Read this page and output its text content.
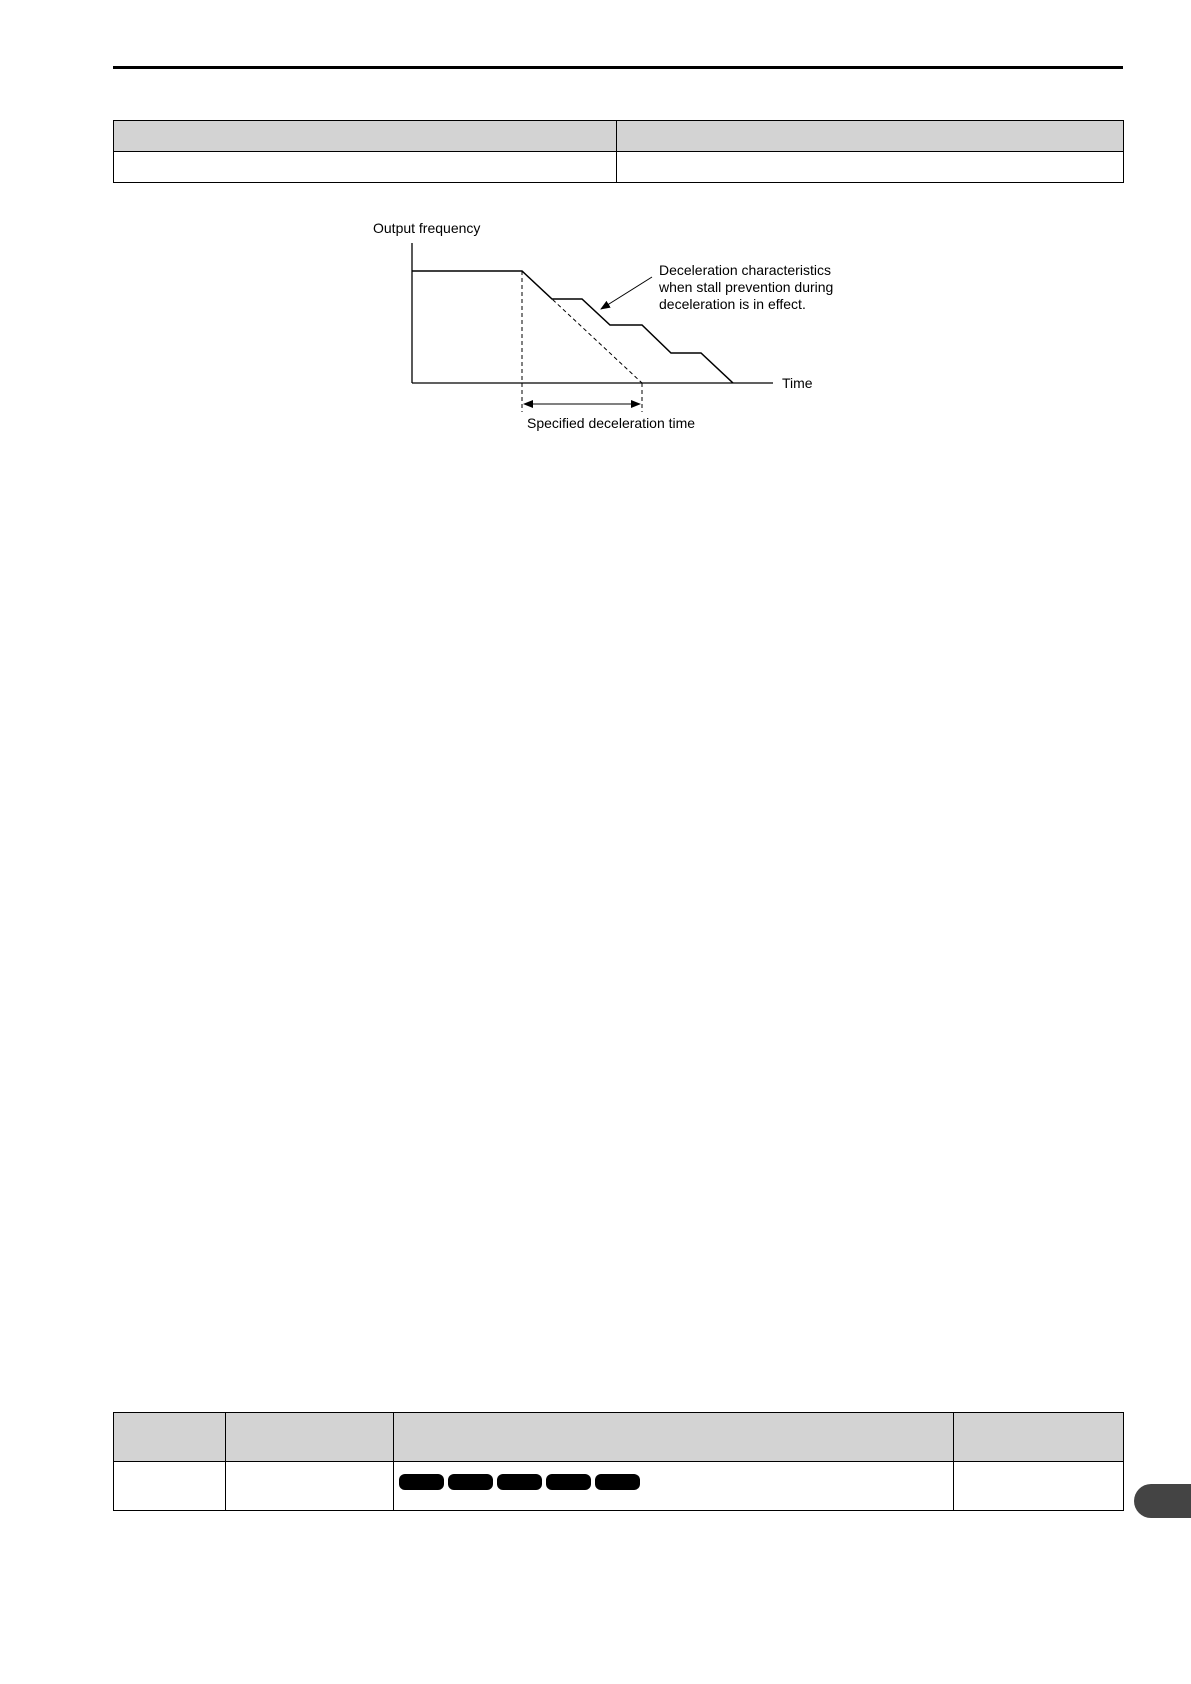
Output frequency
Time
Specified deceleration time
Deceleration characteristics
when stall prevention during
deceleration is in effect.
